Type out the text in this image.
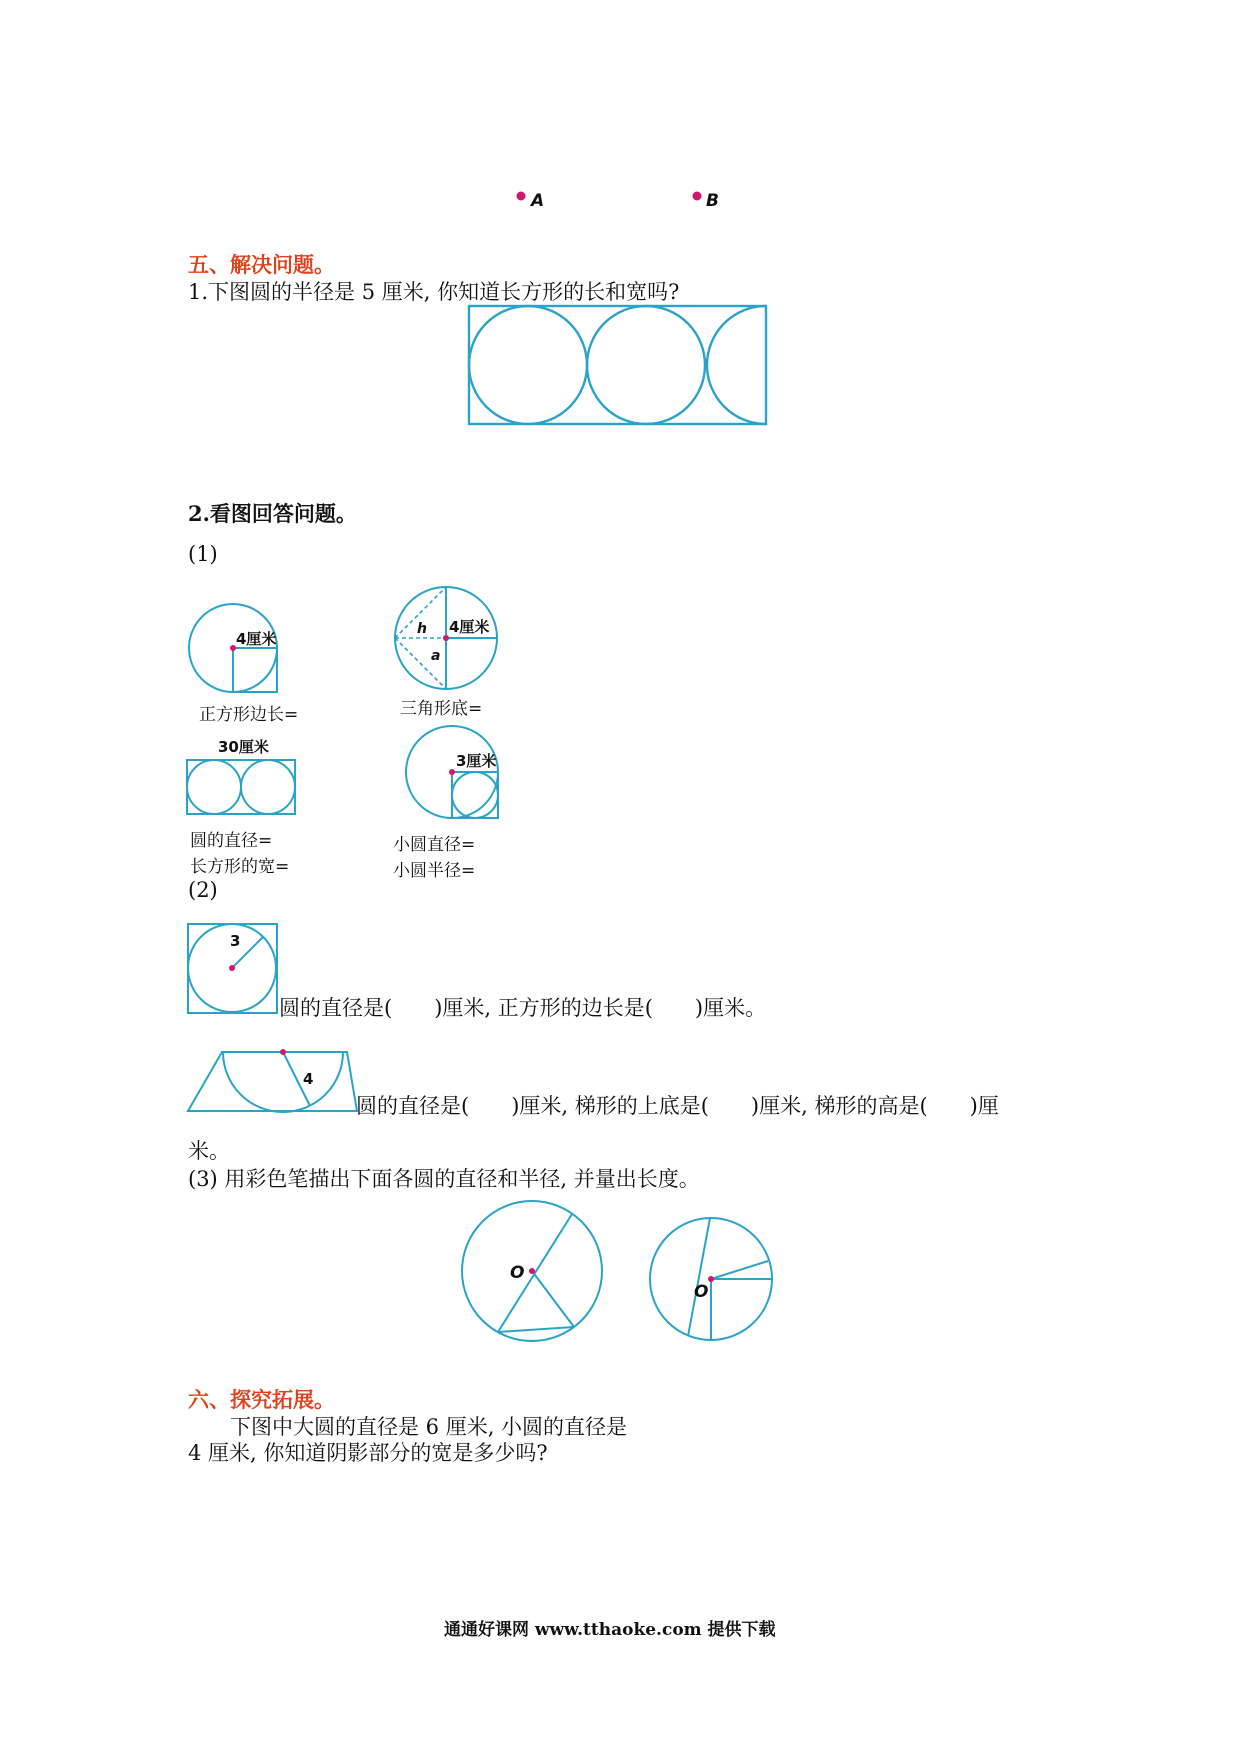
A	B
五、解决问题。
1.下图圆的半径是 5 厘米, 你知道长方形的长和宽吗?
2.看图回答问题。
(1)
4厘米
h
a
4厘米
30厘米
3厘米
正方形边长=	三角形底=
圆的直径=
长方形的宽=
小圆直径=
小圆半径=
(2)
3
4
圆的直径是(　　)厘米, 正方形的边长是(　　)厘米。
圆的直径是(　　)厘米, 梯形的上底是(　　)厘米, 梯形的高是(　　)厘
米。
(3) 用彩色笔描出下面各圆的直径和半径, 并量出长度。
O
O
六、探究拓展。
下图中大圆的直径是 6 厘米, 小圆的直径是
4 厘米, 你知道阴影部分的宽是多少吗?
通通好课网 www.tthaoke.com 提供下载
